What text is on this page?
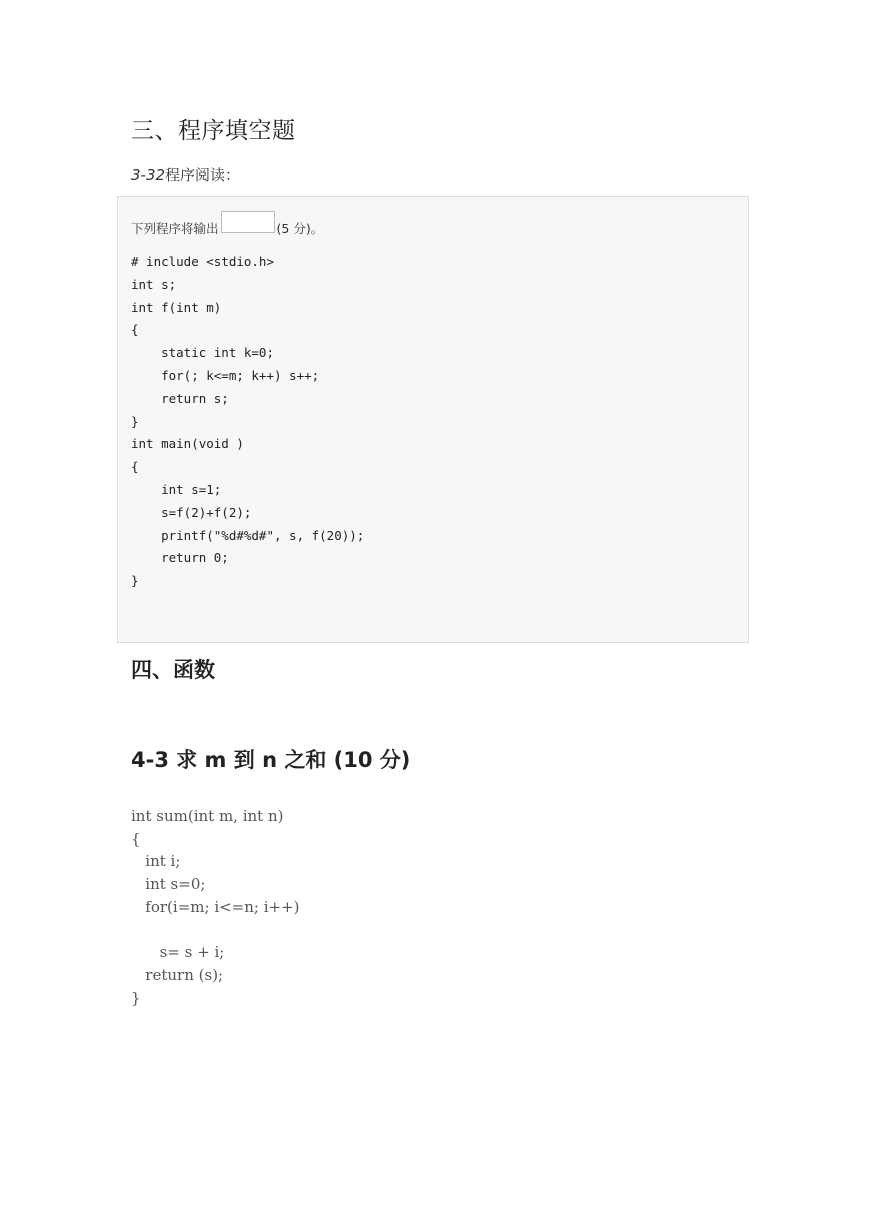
三、程序填空题
3-32程序阅读：
下列程序将输出	(5 分)。
# include <stdio.h>
int s;
int f(int m)
{
static int k=0;
for(; k<=m; k++) s++;
return s;
}
int main(void )
{
int s=1;
s=f(2)+f(2);
printf("%d#%d#", s, f(20));
return 0;
}
四、函数
4-3 求 m 到 n 之和 (10 分)
int sum(int m, int n)
{
int i;
int s=0;
for(i=m; i<=n; i++)
s= s + i;
return (s);
}
